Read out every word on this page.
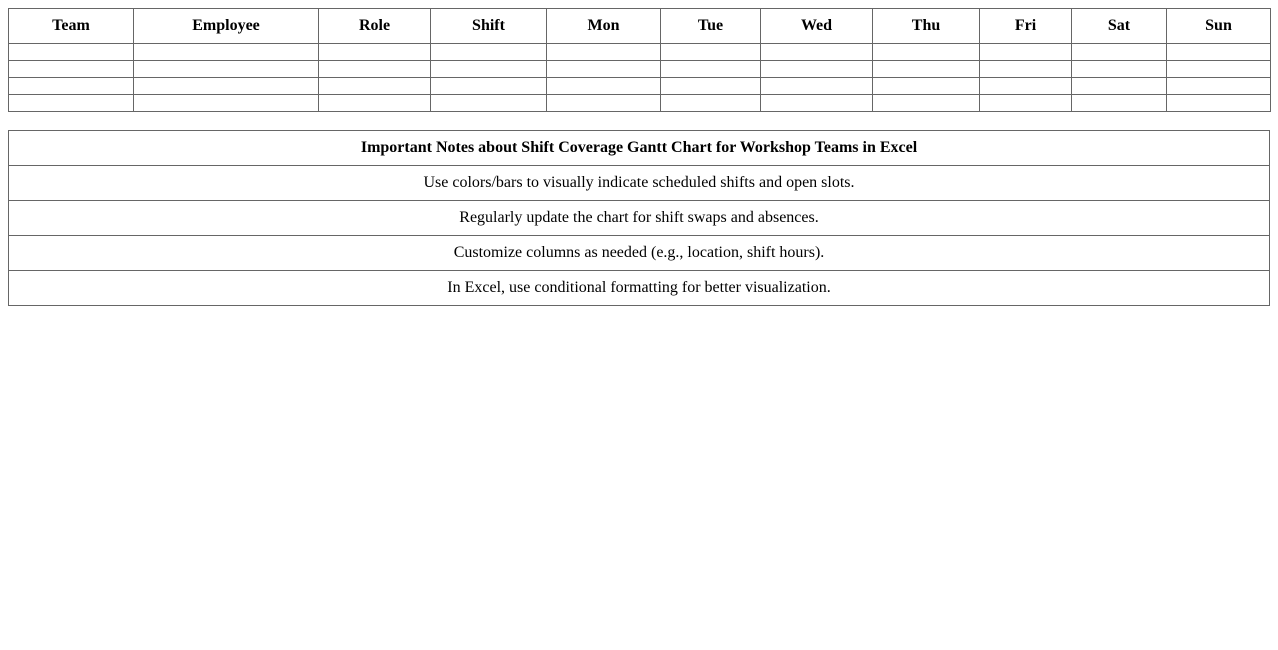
Team	Employee	Role	Shift	Mon	Tue	Wed	Thu	Fri	Sat	Sun

Important Notes about Shift Coverage Gantt Chart for Workshop Teams in Excel
Use colors/bars to visually indicate scheduled shifts and open slots.
Regularly update the chart for shift swaps and absences.
Customize columns as needed (e.g., location, shift hours).
In Excel, use conditional formatting for better visualization.
